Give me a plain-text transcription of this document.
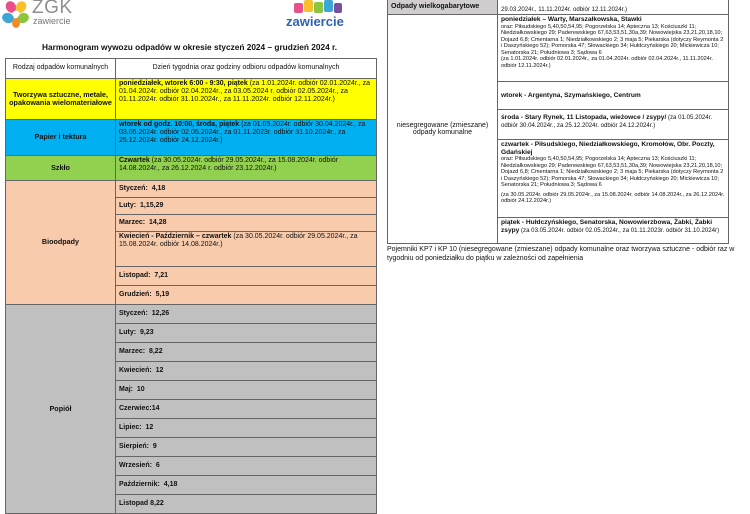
ZGK
zawiercie	zawiercie
Harmonogram wywozu odpadów w okresie styczeń 2024 – grudzień 2024 r.
Rodzaj odpadów komunalnych	Dzień tygodnia oraz godziny odbioru odpadów komunalnych
Tworzywa sztuczne, metale, opakowania wielomateriałowe	poniedziałek, wtorek 6:00 - 9:30, piątek (za 1.01.2024r. odbiór 02.01.2024r., za 01.04.2024r. odbiór 02.04.2024r., za 03.05.2024 r. odbiór 02.05.2024r., za 01.11.2024r. odbiór 31.10.2024r., za 11.11.2024r. odbiór 12.11.2024r.)
Papier i tektura	wtorek od godz. 10:00, środa, piątek (za 01.05.2024r. odbiór 30.04.2024r., za 03.05.2024r. odbiór 02.05.2024r., za 01.11.2023r. odbiór 31.10.2024r., za 25.12.2024r. odbiór 24.12.2024r.)
Szkło	Czwartek (za 30.05.2024r. odbiór 29.05.2024r., za 15.08.2024r. odbiór 14.08.2024r., za 26.12.2024 r. odbiór 23.12.2024r.)
Bioodpady	Styczeń: 4,18
	Luty: 1,15,29
	Marzec: 14,28
	Kwiecień - Październik – czwartek (za 30.05.2024r. odbiór 29.05.2024r., za 15.08.2024r. odbiór 14.08.2024r.)
	Listopad: 7,21
	Grudzień: 5,19
Popiół	Styczeń: 12,26
	Luty: 9,23
	Marzec: 8,22
	Kwiecień: 12
	Maj: 10
	Czerwiec:14
	Lipiec: 12
	Sierpień: 9
	Wrzesień: 6
	Październik: 4,18
	Listopad 8,22
Odpady wielkogabarytowe	29.03.2024r., 11.11.2024r. odbiór 12.11.2024r.)
niesegregowane (zmieszane) odpady komunalne	poniedziałek – Warty, Marszałkowska, Stawki
oraz: Piłsudskiego 5,40,50,54,95; Pogorzelska 14; Apteczna 13; Kościuszki 11; Niedziałkowskiego 29; Paderewskiego 67,63,53,51,30a,39; Nowowiejska 23,21,20,18,10; Dojazd 6,8; Cmentarna 1; Niedziałkowskiego 2; 3 maja 5; Piekarska (dotyczy Reymonta 2 i Daszyńskiego 52); Pomorska 47; Słowackiego 34; Hułdczyńskiego 20; Mickiewicza 10; Senatorska 21; Południowa 3; Sądowa 6
(za 1.01.2024r. odbiór 02.01.2024r., za 01.04.2024r. odbiór 02.04.2024r., 11.11.2024r. odbiór 12.11.2024r.)

	wtorek - Argentyna, Szymańskiego, Centrum

	środa - Stary Rynek, 11 Listopada, wieżowce / zsypy/ (za 01.05.2024r. odbiór 30.04.2024r., za 25.12.2024r. odbiór 24.12.2024r.)

	czwartek - Piłsudskiego, Niedziałkowskiego, Kromołów, Obr. Poczty, Gdańskiej
oraz: Piłsudskiego 5,40,50,54,95; Pogorzelska 14; Apteczna 13; Kościuszki 11; Niedziałkowskiego 29; Paderewskiego 67,63,53,51,30a,39; Nowowiejska 23,21,20,18,10; Dojazd 6,8; Cmentarna 1; Niedziałkowskiego 2; 3 maja 5; Piekarska (dotyczy Reymonta 2 i Daszyńskiego 52); Pomorska 47; Słowackiego 34; Hułdczyńskiego 20; Mickiewicza 10; Senatorska 21; Południowa 3; Sądowa 6
(za 30.05.2024r. odbiór 29.05.2024r., za 15.08.2024r. odbiór 14.08.2024r., za 26.12.2024r. odbiór 24.12.2024r.)

	piątek - Hułdczyńskiego, Senatorska, Nowowierzbowa, Żabki, Żabki zsypy (za 03.05.2024r. odbiór 02.05.2024r., za 01.11.2023r. odbiór 31.10.2024r)
Pojemniki KP7 i KP 10 (niesegregowane (zmieszane) odpady komunalne oraz tworzywa sztuczne - odbiór raz w tygodniu od poniedziałku do piątku w zależności od zapełnienia
